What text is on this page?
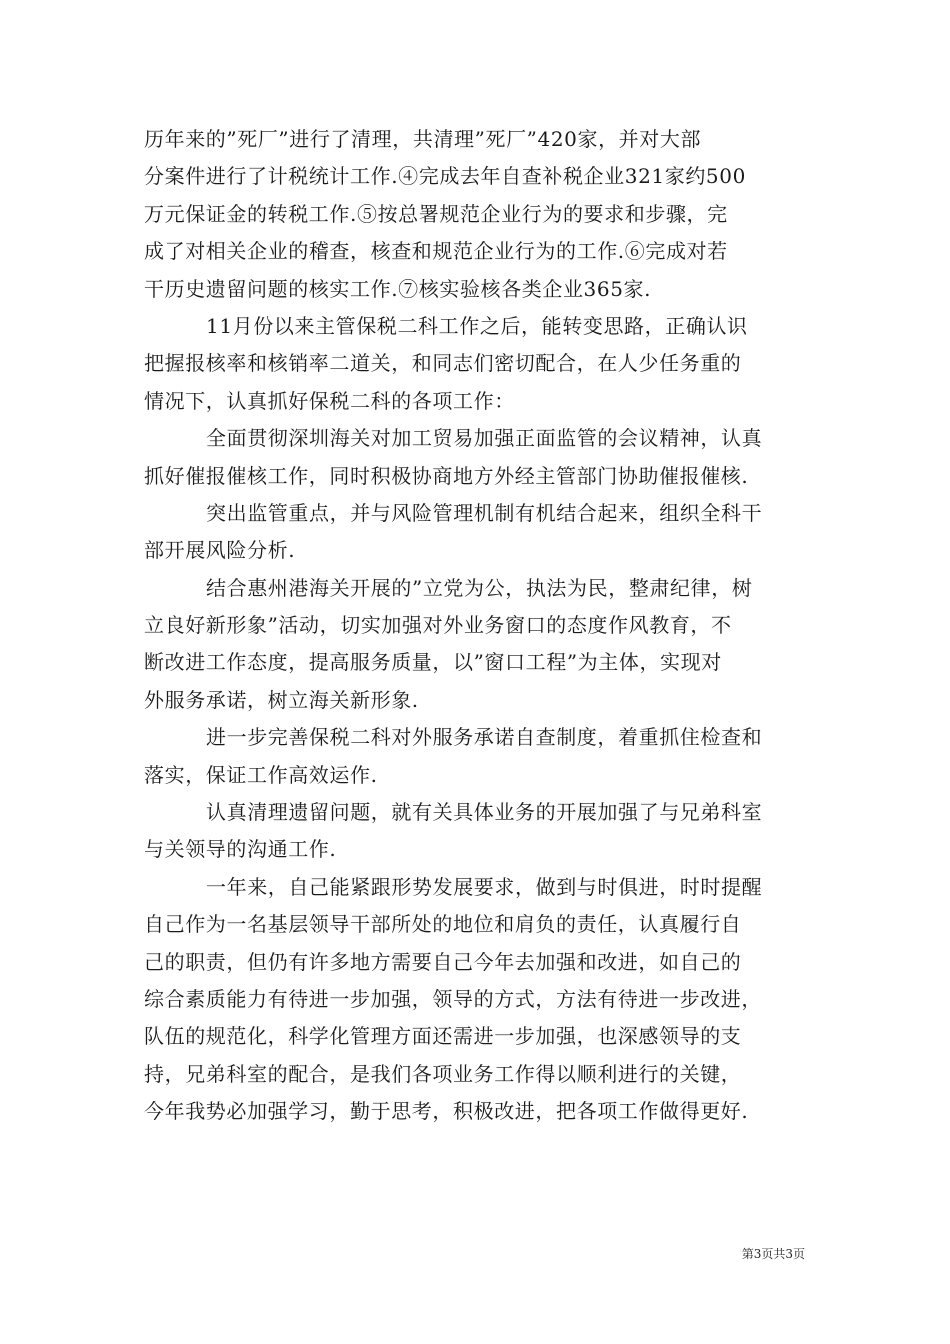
历年来的”死厂”进行了清理，共清理”死厂”420家，并对大部
分案件进行了计税统计工作.④完成去年自查补税企业321家约500
万元保证金的转税工作.⑤按总署规范企业行为的要求和步骤，完
成了对相关企业的稽查，核查和规范企业行为的工作.⑥完成对若
干历史遗留问题的核实工作.⑦核实验核各类企业365家.
11月份以来主管保税二科工作之后，能转变思路，正确认识
把握报核率和核销率二道关，和同志们密切配合，在人少任务重的
情况下，认真抓好保税二科的各项工作：
全面贯彻深圳海关对加工贸易加强正面监管的会议精神，认真
抓好催报催核工作，同时积极协商地方外经主管部门协助催报催核.
突出监管重点，并与风险管理机制有机结合起来，组织全科干
部开展风险分析.
结合惠州港海关开展的”立党为公，执法为民，整肃纪律，树
立良好新形象”活动，切实加强对外业务窗口的态度作风教育，不
断改进工作态度，提高服务质量，以”窗口工程”为主体，实现对
外服务承诺，树立海关新形象.
进一步完善保税二科对外服务承诺自查制度，着重抓住检查和
落实，保证工作高效运作.
认真清理遗留问题，就有关具体业务的开展加强了与兄弟科室
与关领导的沟通工作.
一年来，自己能紧跟形势发展要求，做到与时俱进，时时提醒
自己作为一名基层领导干部所处的地位和肩负的责任，认真履行自
己的职责，但仍有许多地方需要自己今年去加强和改进，如自己的
综合素质能力有待进一步加强，领导的方式，方法有待进一步改进，
队伍的规范化，科学化管理方面还需进一步加强，也深感领导的支
持，兄弟科室的配合，是我们各项业务工作得以顺利进行的关键，
今年我势必加强学习，勤于思考，积极改进，把各项工作做得更好.
第3页共3页
